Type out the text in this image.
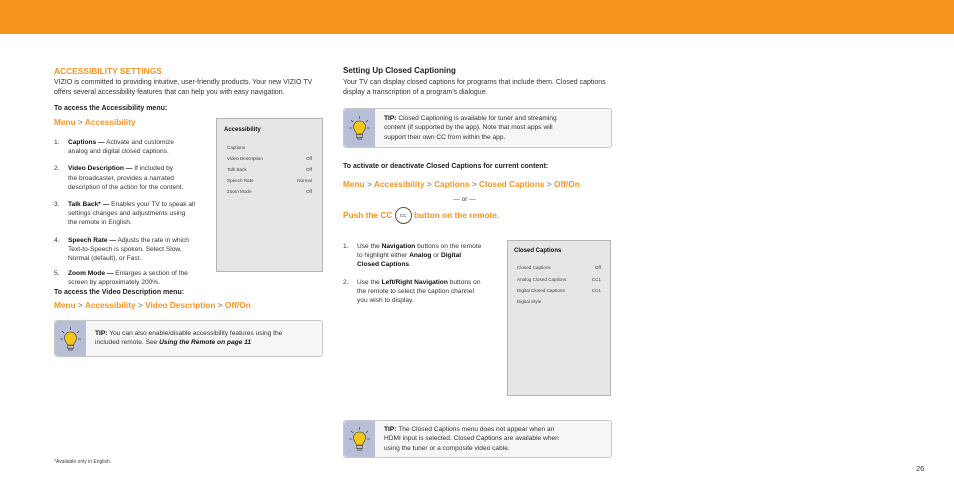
ACCESSIBILITY SETTINGS
VIZIO is committed to providing intuitive, user-friendly products. Your new VIZIO TV
offers several accessibility features that can help you with easy navigation.
To access the Accessibility menu:
Menu > Accessibility
1. Captions — Activate and customize
analog and digital closed captions.
2. Video Description — If included by
the broadcaster, provides a narrated
description of the action for the content.
3. Talk Back* — Enables your TV to speak all
settings changes and adjustments using
the remote in English.
4. Speech Rate — Adjusts the rate in which
Text-to-Speech is spoken. Select Slow,
Normal (default), or Fast.
5. Zoom Mode — Enlarges a section of the
screen by approximately 200%.
Accessibility
Captions
Video Description	Off
Talk Back	Off
Speech Rate	Normal
Zoom Mode	Off
To access the Video Description menu:
Menu > Accessibility > Video Description > Off/On
TIP: You can also enable/disable accessibility features using the
included remote. See Using the Remote on page 11
*Available only in English.
Setting Up Closed Captioning
Your TV can display closed captions for programs that include them. Closed captions
display a transcription of a program's dialogue.
TIP: Closed Captioning is available for tuner and streaming
content (if supported by the app). Note that most apps will
support their own CC from within the app.
To activate or deactivate Closed Captions for current content:
Menu > Accessibility > Captions > Closed Captions > Off/On
— or —
Push the CC CC button on the remote.
1. Use the Navigation buttons on the remote
to highlight either Analog or Digital
Closed Captions.
2. Use the Left/Right Navigation buttons on
the remote to select the caption channel
you wish to display.
Closed Captions
Closed Captions	Off
Analog Closed Captions	CC1
Digital Closed Captions	CC1
Digital Style
TIP: The Closed Captions menu does not appear when an
HDMI input is selected. Closed Captions are available when
using the tuner or a composite video cable.
26
